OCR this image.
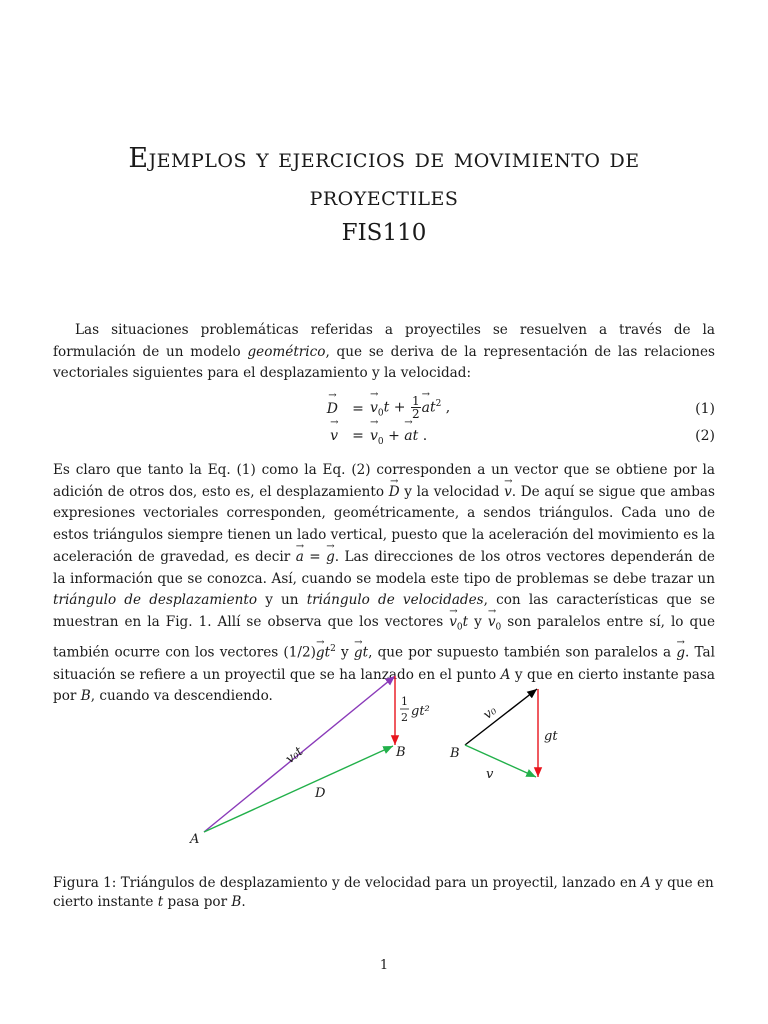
Ejemplos y ejercicios de movimiento de
proyectiles
FIS110

Las situaciones problemáticas referidas a proyectiles se resuelven a través de la formulación de un modelo geométrico, que se deriva de la representación de las relaciones vectoriales siguientes para el desplazamiento y la velocidad:

→ D =
→ $v_0t + \frac{1}{2}$
→ $at^2$ ,	(1)
→ v =
→ $v_0$ + → at .	(2)

Es claro que tanto la Eq. (1) como la Eq. (2) corresponden a un vector que se obtiene por la adición de otros dos, esto es, el desplazamiento → D y la velocidad → v. De aquí se sigue que ambas expresiones vectoriales corresponden, geométricamente, a sendos triángulos. Cada uno de estos triángulos siempre tienen un lado vertical, puesto que la aceleración del movimiento es la aceleración de gravedad, es decir → a = → g. Las direcciones de los otros vectores dependerán de la información que se conozca. Así, cuando se modela este tipo de problemas se debe trazar un triángulo de desplazamiento y un triángulo de velocidades, con las características que se muestran en la Fig. 1. Allí se observa que los vectores → $v_0t$ $y \to v_0$ son paralelos entre sí, lo que también ocurre con los vectores $(1/2)\to gt^2$ y → gt, que por supuesto también son paralelos a → g. Tal situación se refiere a un proyectil que se ha lanzado en el punto A y que en cierto instante pasa por B, cuando va descendiendo.

A
B
v₀t
D
1
2 gt²
B
v₀
v
gt

Figura 1: Triángulos de desplazamiento y de velocidad para un proyectil, lanzado en A y que en cierto instante t pasa por B.

1
